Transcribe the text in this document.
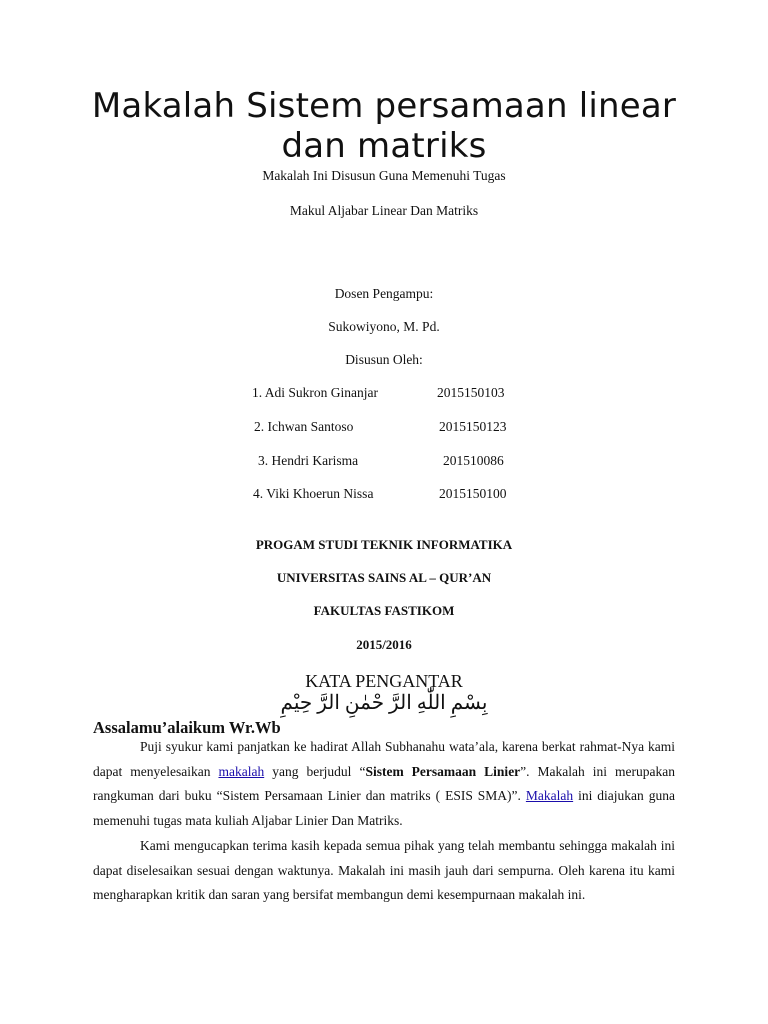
Makalah Sistem persamaan linear dan matriks
Makalah Ini Disusun Guna Memenuhi Tugas
Makul Aljabar Linear Dan Matriks
Dosen Pengampu:
Sukowiyono, M. Pd.
Disusun Oleh:
1. Adi Sukron Ginanjar	2015150103
2. Ichwan Santoso	2015150123
3. Hendri Karisma	201510086
4. Viki Khoerun Nissa	2015150100
PROGAM STUDI TEKNIK INFORMATIKA
UNIVERSITAS SAINS AL – QUR’AN
FAKULTAS FASTIKOM
2015/2016
KATA PENGANTAR
بِسْمِ اللّٰهِ الرَّ حْمٰنِ الرَّ حِيْمِ
Assalamu’alaikum Wr.Wb
Puji syukur kami panjatkan ke hadirat Allah Subhanahu wata’ala, karena berkat rahmat-Nya kami dapat menyelesaikan makalah yang berjudul “Sistem Persamaan Linier”. Makalah ini merupakan rangkuman dari buku “Sistem Persamaan Linier dan matriks ( ESIS SMA)”. Makalah ini diajukan guna memenuhi tugas mata kuliah Aljabar Linier Dan Matriks.
Kami mengucapkan terima kasih kepada semua pihak yang telah membantu sehingga makalah ini dapat diselesaikan sesuai dengan waktunya. Makalah ini masih jauh dari sempurna. Oleh karena itu kami mengharapkan kritik dan saran yang bersifat membangun demi kesempurnaan makalah ini.
